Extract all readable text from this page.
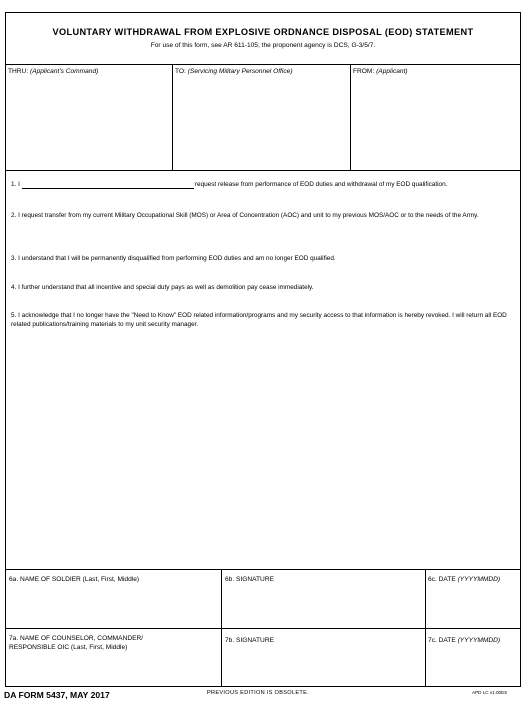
VOLUNTARY WITHDRAWAL FROM EXPLOSIVE ORDNANCE DISPOSAL (EOD) STATEMENT
For use of this form, see AR 611-105; the proponent agency is DCS, G-3/5/7.
THRU: (Applicant's Command)	TO: (Servicing Military Personnel Office)	FROM: (Applicant)
1. I	request release from performance of EOD duties and withdrawal of my EOD qualification.
2. I request transfer from my current Military Occupational Skill (MOS) or Area of Concentration (AOC) and unit to my previous MOS/AOC or to the needs of the Army.
3. I understand that I will be permanently disqualified from performing EOD duties and am no longer EOD qualified.
4. I further understand that all incentive and special duty pays as well as demolition pay cease immediately.
5. I acknowledge that I no longer have the "Need to Know" EOD related information/programs and my security access to that information is hereby revoked. I will return all EOD related publications/training materials to my unit security manager.
6a. NAME OF SOLDIER (Last, First, Middle)	6b. SIGNATURE	6c. DATE (YYYYMMDD)
7a. NAME OF COUNSELOR, COMMANDER/
RESPONSIBLE OIC (Last, First, Middle)
7b. SIGNATURE	7c. DATE (YYYYMMDD)
DA FORM 5437, MAY 2017	PREVIOUS EDITION IS OBSOLETE.	APD LC v1.00ES
